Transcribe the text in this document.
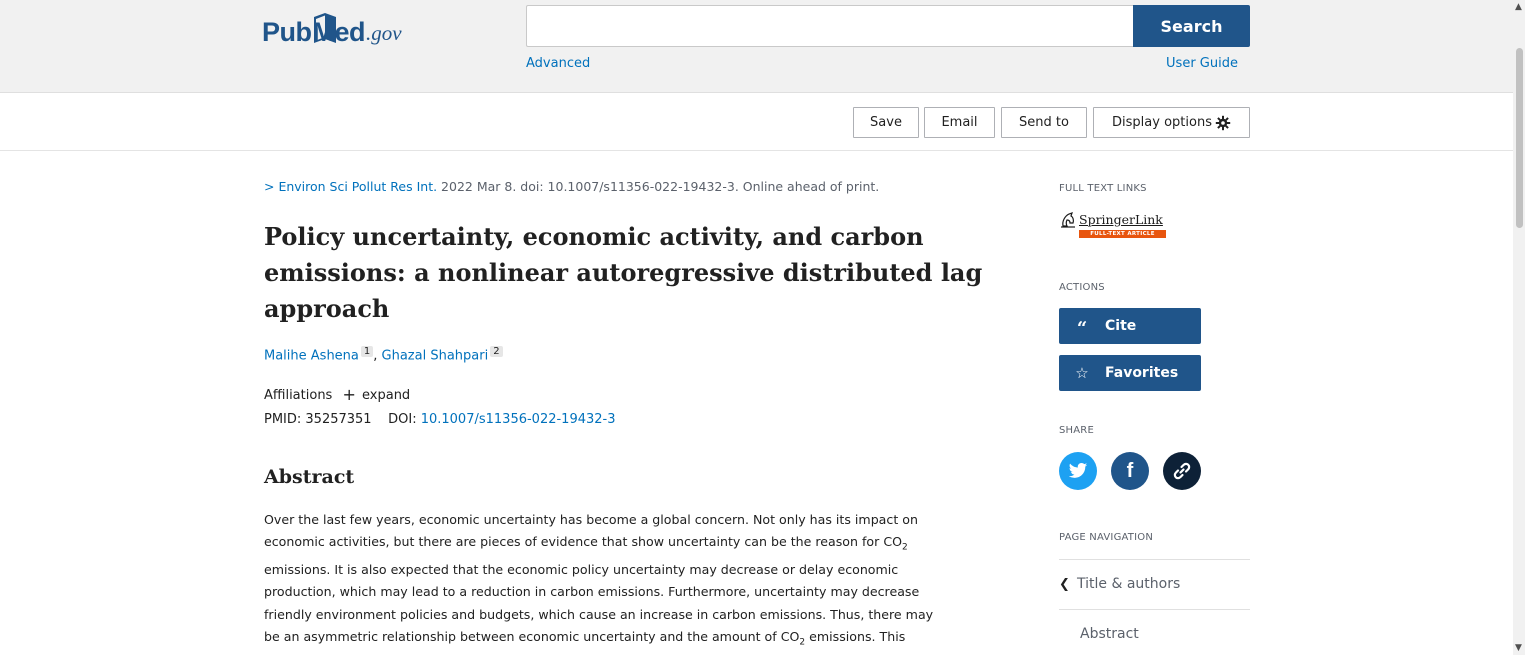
Pub Med .gov	Search
Advanced	User Guide
Save	Email	Send to	Display options
> Environ Sci Pollut Res Int. 2022 Mar 8. doi: 10.1007/s11356-022-19432-3. Online ahead of print.
Policy uncertainty, economic activity, and carbon emissions: a nonlinear autoregressive distributed lag approach
Malihe Ashena $^1$ , Ghazal Shahpari $^2$
Affiliations + expand
PMID: 35257351 DOI: 10.1007/s11356-022-19432-3
Abstract
Over the last few years, economic uncertainty has become a global concern. Not only has its impact on
economic activities, but there are pieces of evidence that show uncertainty can be the reason for $CO_2$
emissions. It is also expected that the economic policy uncertainty may decrease or delay economic
production, which may lead to a reduction in carbon emissions. Furthermore, uncertainty may decrease
friendly environment policies and budgets, which cause an increase in carbon emissions. Thus, there may
be an asymmetric relationship between economic uncertainty and the amount of $CO_2$ emissions. This
FULL TEXT LINKS
SpringerLink
FULL-TEXT ARTICLE
ACTIONS
“	Cite
☆	Favorites
SHARE
f
PAGE NAVIGATION
❮ Title & authors
Abstract
▲
▼
